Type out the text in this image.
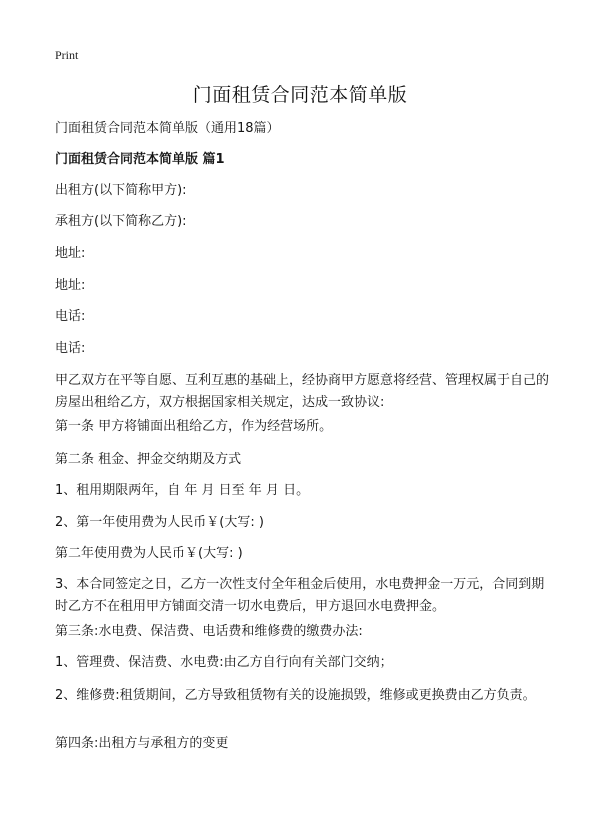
Print
门面租赁合同范本简单版

门面租赁合同范本简单版（通用18篇）

门面租赁合同范本简单版 篇1

出租方(以下简称甲方):

承租方(以下简称乙方):

地址:

地址:

电话:

电话:

甲乙双方在平等自愿、互利互惠的基础上，经协商甲方愿意将经营、管理权属于自己的房屋出租给乙方，双方根据国家相关规定，达成一致协议:

第一条 甲方将铺面出租给乙方，作为经营场所。

第二条 租金、押金交纳期及方式

1、租用期限两年，自 年 月 日至 年 月 日。

2、第一年使用费为人民币￥(大写: )

第二年使用费为人民币￥(大写: )

3、本合同签定之日，乙方一次性支付全年租金后使用，水电费押金一万元，合同到期时乙方不在租用甲方铺面交清一切水电费后，甲方退回水电费押金。

第三条:水电费、保洁费、电话费和维修费的缴费办法:

1、管理费、保洁费、水电费:由乙方自行向有关部门交纳；

2、维修费:租赁期间，乙方导致租赁物有关的设施损毁，维修或更换费由乙方负责。

第四条:出租方与承租方的变更
